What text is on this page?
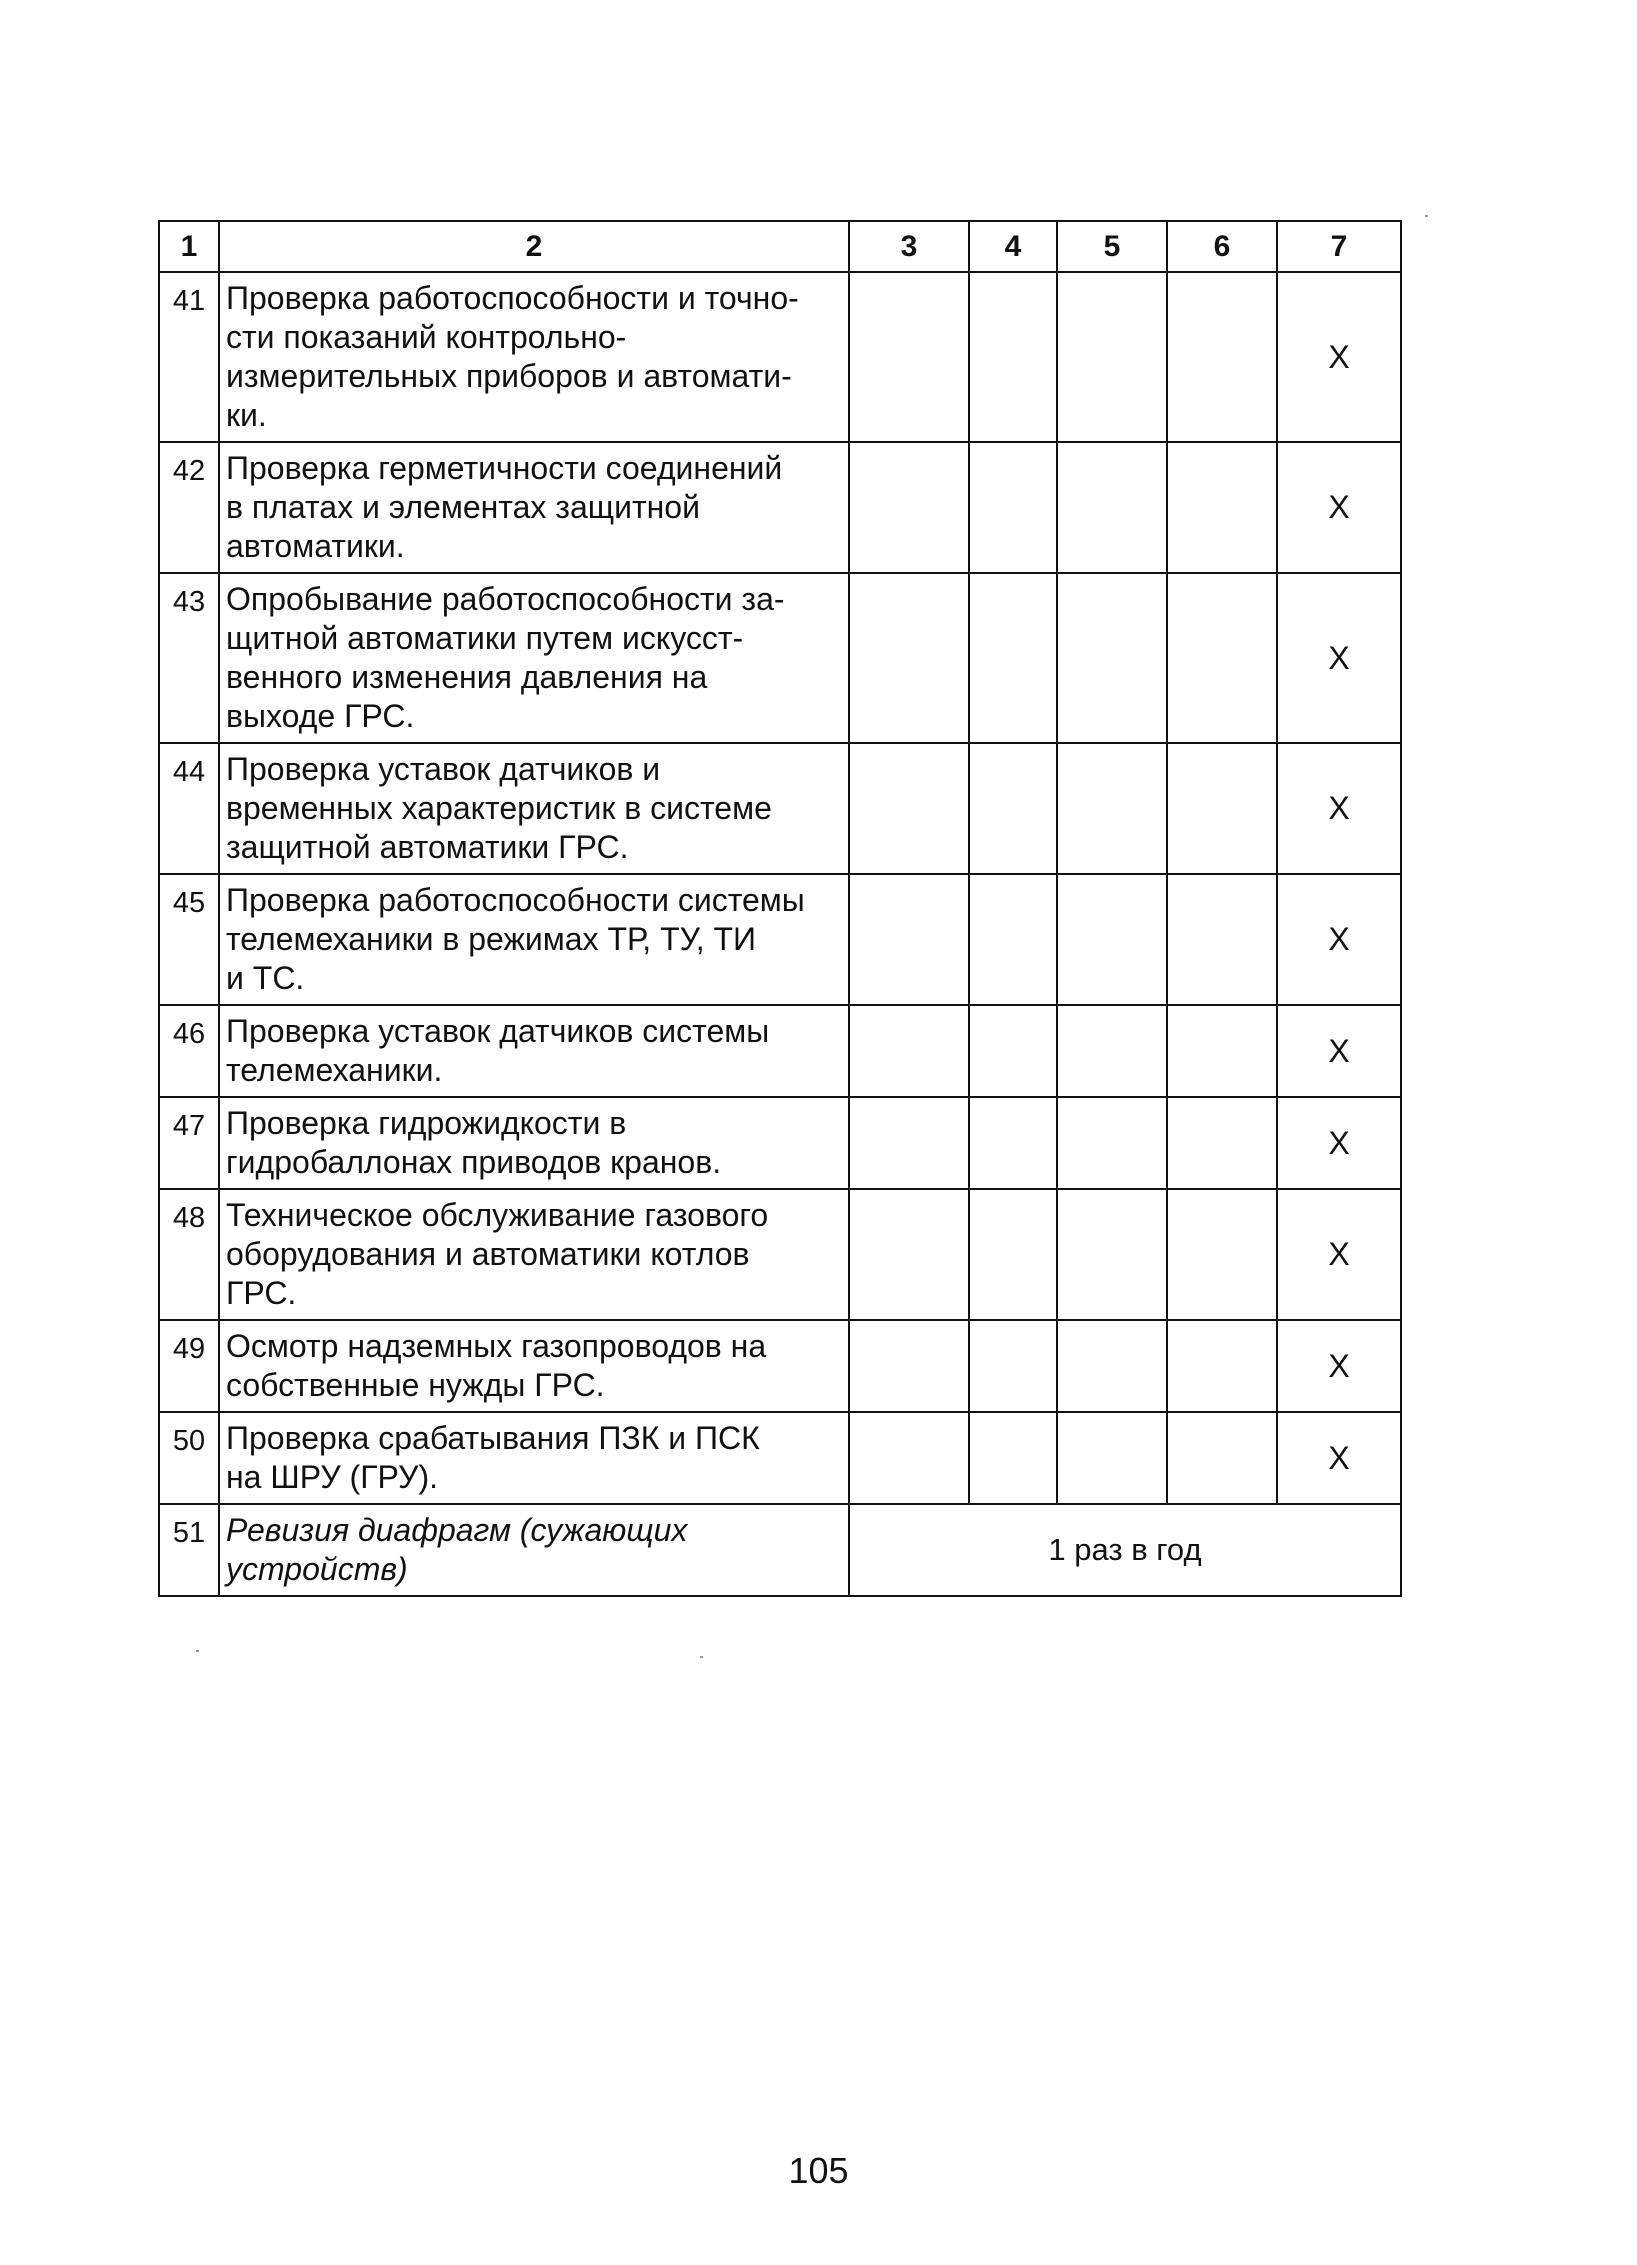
1	2	3	4	5	6	7
41	Проверка работоспособности и точно-
сти показаний контрольно-
измерительных приборов и автомати-
ки.					Х
42	Проверка герметичности соединений
в платах и элементах защитной
автоматики.					Х
43	Опробывание работоспособности за-
щитной автоматики путем искусст-
венного изменения давления на
выходе ГРС.					Х
44	Проверка уставок датчиков и
временных характеристик в системе
защитной автоматики ГРС.					Х
45	Проверка работоспособности системы
телемеханики в режимах ТР, ТУ, ТИ
и ТС.					Х
46	Проверка уставок датчиков системы
телемеханики.					Х
47	Проверка гидрожидкости в
гидробаллонах приводов кранов.					Х
48	Техническое обслуживание газового
оборудования и автоматики котлов
ГРС.					Х
49	Осмотр надземных газопроводов на
собственные нужды ГРС.					Х
50	Проверка срабатывания ПЗК и ПСК
на ШРУ (ГРУ).					Х
51	Ревизия диафрагм (сужающих
устройств)	1 раз в год				
105
